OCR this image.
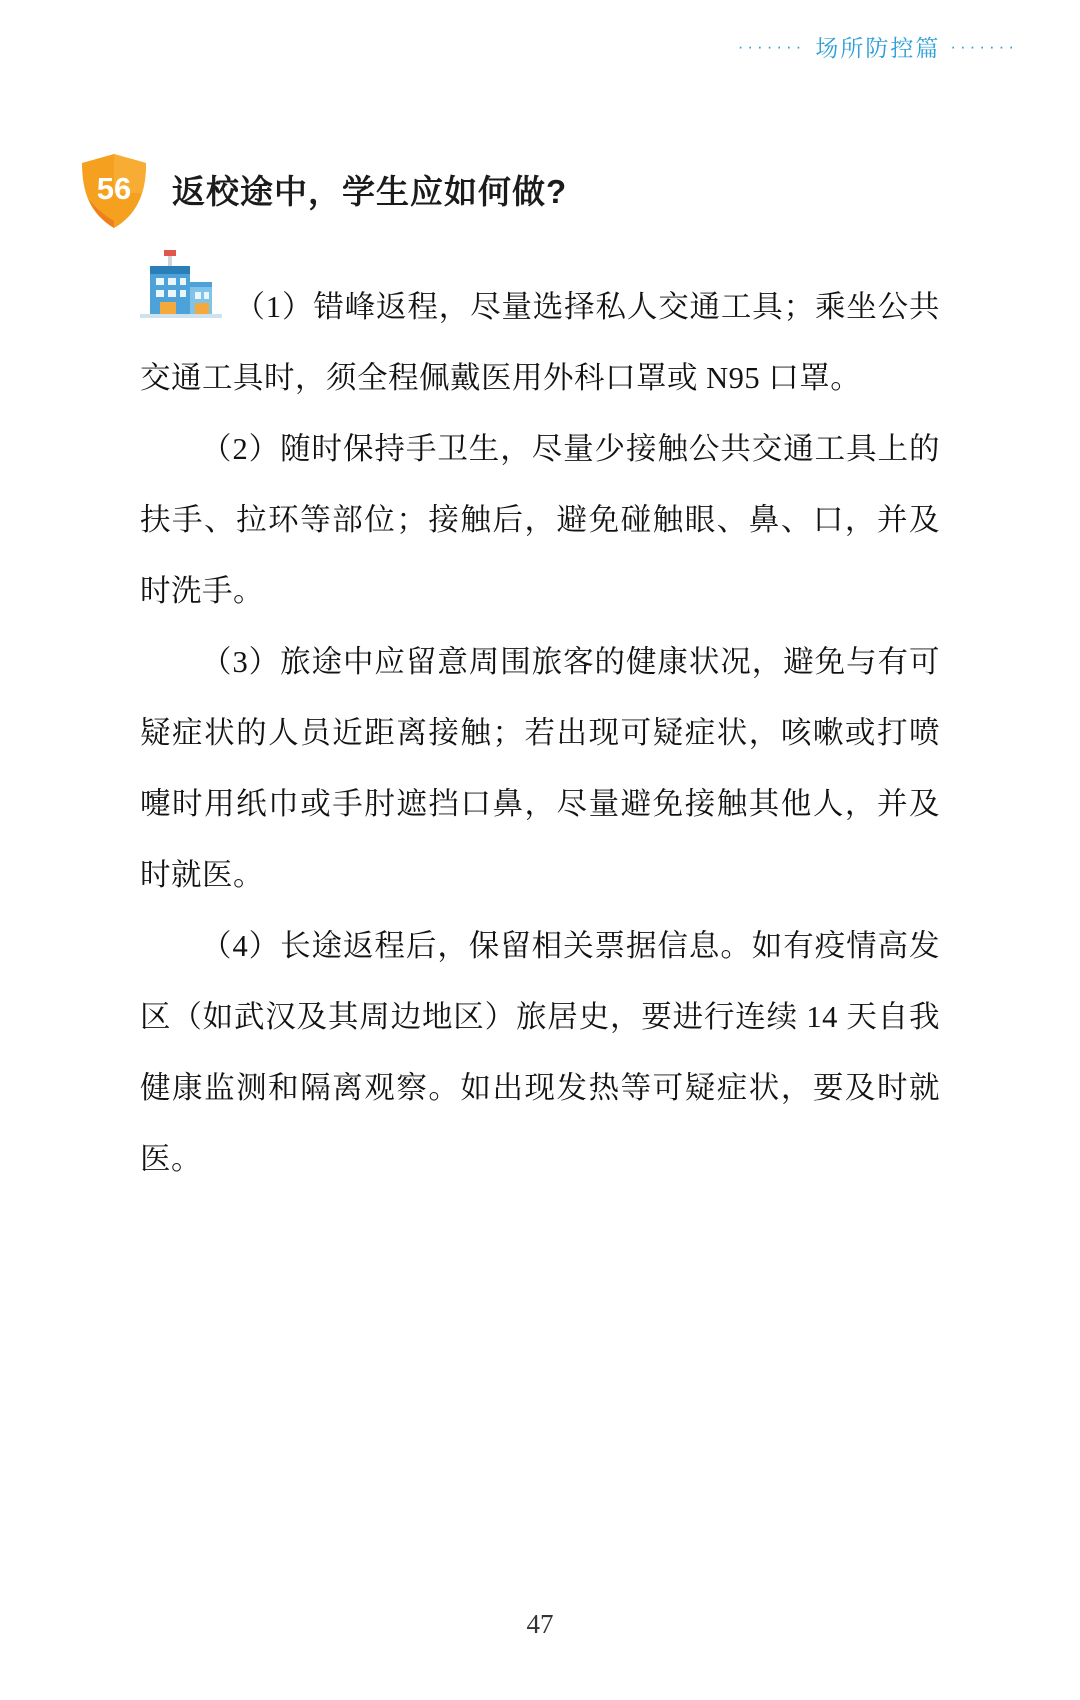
······· 场所防控篇 ·······
56	返校途中，学生应如何做?

（1）错峰返程，尽量选择私人交通工具；乘坐公共交通工具时，须全程佩戴医用外科口罩或 N95 口罩。

（2）随时保持手卫生，尽量少接触公共交通工具上的扶手、拉环等部位；接触后，避免碰触眼、鼻、口，并及时洗手。

（3）旅途中应留意周围旅客的健康状况，避免与有可疑症状的人员近距离接触；若出现可疑症状，咳嗽或打喷嚏时用纸巾或手肘遮挡口鼻，尽量避免接触其他人，并及时就医。

（4）长途返程后，保留相关票据信息。如有疫情高发区（如武汉及其周边地区）旅居史，要进行连续 14 天自我健康监测和隔离观察。如出现发热等可疑症状，要及时就医。

47
